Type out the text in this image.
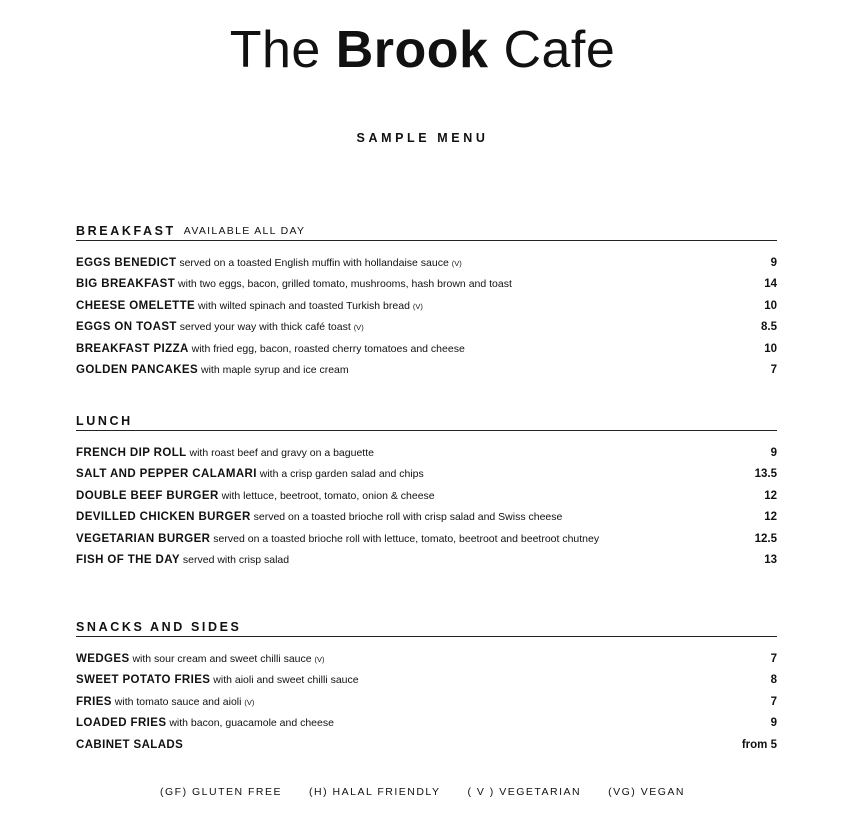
The Brook Cafe
SAMPLE MENU
BREAKFAST AVAILABLE ALL DAY
EGGS BENEDICT served on a toasted English muffin with hollandaise sauce (V)	9
BIG BREAKFAST with two eggs, bacon, grilled tomato, mushrooms, hash brown and toast	14
CHEESE OMELETTE with wilted spinach and toasted Turkish bread (V)	10
EGGS ON TOAST served your way with thick café toast (V)	8.5
BREAKFAST PIZZA with fried egg, bacon, roasted cherry tomatoes and cheese	10
GOLDEN PANCAKES with maple syrup and ice cream	7
LUNCH
FRENCH DIP ROLL with roast beef and gravy on a baguette	9
SALT AND PEPPER CALAMARI with a crisp garden salad and chips	13.5
DOUBLE BEEF BURGER with lettuce, beetroot, tomato, onion & cheese	12
DEVILLED CHICKEN BURGER served on a toasted brioche roll with crisp salad and Swiss cheese	12
VEGETARIAN BURGER served on a toasted brioche roll with lettuce, tomato, beetroot and beetroot chutney	12.5
FISH OF THE DAY served with crisp salad	13
SNACKS AND SIDES
WEDGES with sour cream and sweet chilli sauce (V)	7
SWEET POTATO FRIES with aioli and sweet chilli sauce	8
FRIES with tomato sauce and aioli (V)	7
LOADED FRIES with bacon, guacamole and cheese	9
CABINET SALADS	from 5
(GF) GLUTEN FREE	(H) HALAL FRIENDLY	( V ) VEGETARIAN	(VG) VEGAN
